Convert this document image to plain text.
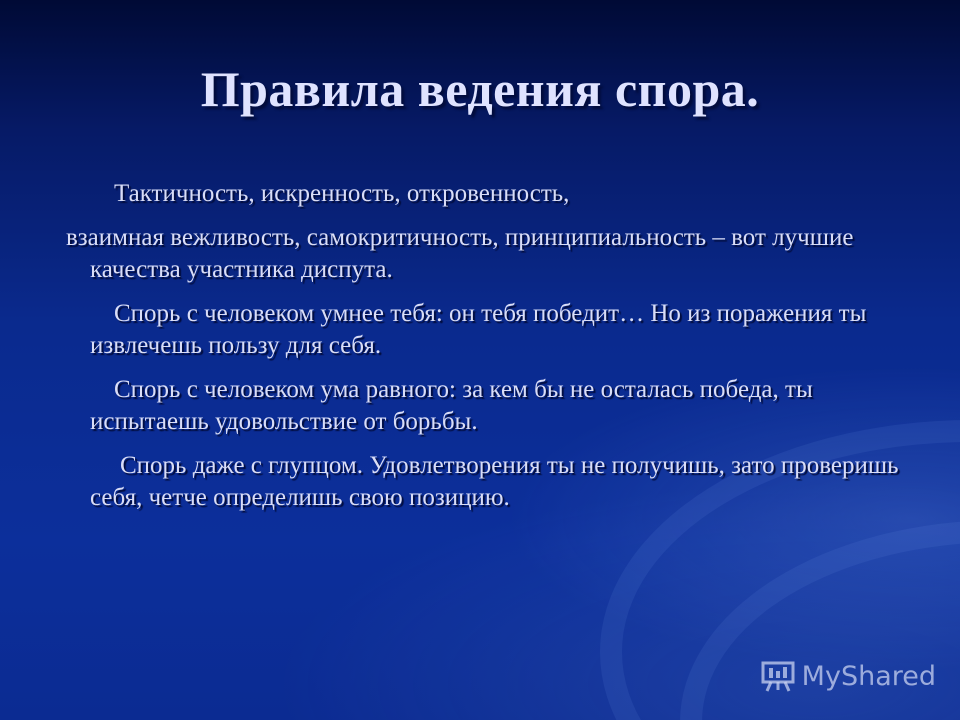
Правила ведения спора.

Тактичность, искренность, откровенность,

взаимная вежливость, самокритичность, принципиальность – вот лучшие качества участника диспута.

Спорь с человеком умнее тебя: он тебя победит… Но из поражения ты извлечешь пользу для себя.

Спорь с человеком ума равного: за кем бы не осталась победа, ты испытаешь удовольствие от борьбы.

Спорь даже с глупцом. Удовлетворения ты не получишь, зато проверишь себя, четче определишь свою позицию.

MyShared
